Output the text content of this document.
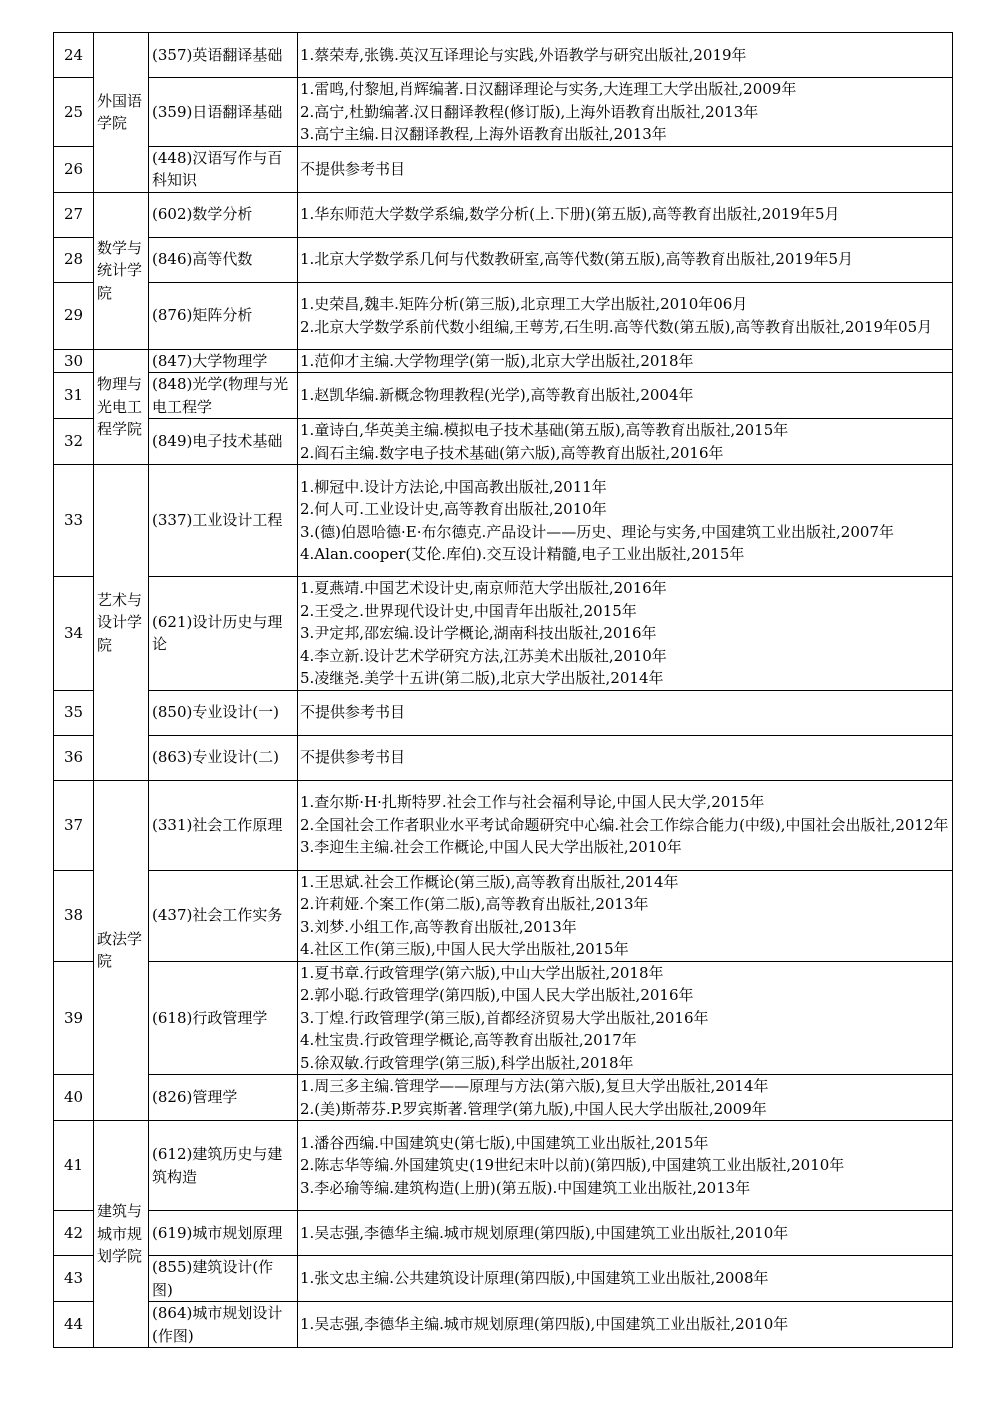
24	外国语学院	(357)英语翻译基础	1.蔡荣寿,张镌.英汉互译理论与实践,外语教学与研究出版社,2019年

25		(359)日语翻译基础	1.雷鸣,付黎旭,肖辉编著.日汉翻译理论与实务,大连理工大学出版社,2009年
2.高宁,杜勤编著.汉日翻译教程(修订版),上海外语教育出版社,2013年
3.高宁主编.日汉翻译教程,上海外语教育出版社,2013年

26		(448)汉语写作与百科知识	不提供参考书目

27	数学与统计学院	(602)数学分析	1.华东师范大学数学系编,数学分析(上.下册)(第五版),高等教育出版社,2019年5月

28		(846)高等代数	1.北京大学数学系几何与代数教研室,高等代数(第五版),高等教育出版社,2019年5月

29		(876)矩阵分析	1.史荣昌,魏丰.矩阵分析(第三版),北京理工大学出版社,2010年06月
2.北京大学数学系前代数小组编,王萼芳,石生明.高等代数(第五版),高等教育出版社,2019年05月

30	物理与光电工程学院	(847)大学物理学	1.范仰才主编.大学物理学(第一版),北京大学出版社,2018年

31		(848)光学(物理与光电工程学	1.赵凯华编.新概念物理教程(光学),高等教育出版社,2004年

32		(849)电子技术基础	1.童诗白,华英美主编.模拟电子技术基础(第五版),高等教育出版社,2015年
2.阎石主编.数字电子技术基础(第六版),高等教育出版社,2016年

33	艺术与设计学院	(337)工业设计工程	1.柳冠中.设计方法论,中国高教出版社,2011年
2.何人可.工业设计史,高等教育出版社,2010年
3.(德)伯恩哈德·E·布尔德克.产品设计——历史、理论与实务,中国建筑工业出版社,2007年
4.Alan.cooper(艾伦.库伯).交互设计精髓,电子工业出版社,2015年

34		(621)设计历史与理论	1.夏燕靖.中国艺术设计史,南京师范大学出版社,2016年
2.王受之.世界现代设计史,中国青年出版社,2015年
3.尹定邦,邵宏编.设计学概论,湖南科技出版社,2016年
4.李立新.设计艺术学研究方法,江苏美术出版社,2010年
5.凌继尧.美学十五讲(第二版),北京大学出版社,2014年

35		(850)专业设计(一)	不提供参考书目

36		(863)专业设计(二)	不提供参考书目

37	政法学院	(331)社会工作原理	1.查尔斯·H·扎斯特罗.社会工作与社会福利导论,中国人民大学,2015年
2.全国社会工作者职业水平考试命题研究中心编.社会工作综合能力(中级),中国社会出版社,2012年
3.李迎生主编.社会工作概论,中国人民大学出版社,2010年

38		(437)社会工作实务	1.王思斌.社会工作概论(第三版),高等教育出版社,2014年
2.许莉娅.个案工作(第二版),高等教育出版社,2013年
3.刘梦.小组工作,高等教育出版社,2013年
4.社区工作(第三版),中国人民大学出版社,2015年

39		(618)行政管理学	1.夏书章.行政管理学(第六版),中山大学出版社,2018年
2.郭小聪.行政管理学(第四版),中国人民大学出版社,2016年
3.丁煌.行政管理学(第三版),首都经济贸易大学出版社,2016年
4.杜宝贵.行政管理学概论,高等教育出版社,2017年
5.徐双敏.行政管理学(第三版),科学出版社,2018年

40		(826)管理学	1.周三多主编.管理学——原理与方法(第六版),复旦大学出版社,2014年
2.(美)斯蒂芬.P.罗宾斯著.管理学(第九版),中国人民大学出版社,2009年

41	建筑与城市规划学院	(612)建筑历史与建筑构造	1.潘谷西编.中国建筑史(第七版),中国建筑工业出版社,2015年
2.陈志华等编.外国建筑史(19世纪末叶以前)(第四版),中国建筑工业出版社,2010年
3.李必瑜等编.建筑构造(上册)(第五版).中国建筑工业出版社,2013年

42		(619)城市规划原理	1.吴志强,李德华主编.城市规划原理(第四版),中国建筑工业出版社,2010年

43		(855)建筑设计(作图)	1.张文忠主编.公共建筑设计原理(第四版),中国建筑工业出版社,2008年

44		(864)城市规划设计(作图)	1.吴志强,李德华主编.城市规划原理(第四版),中国建筑工业出版社,2010年
